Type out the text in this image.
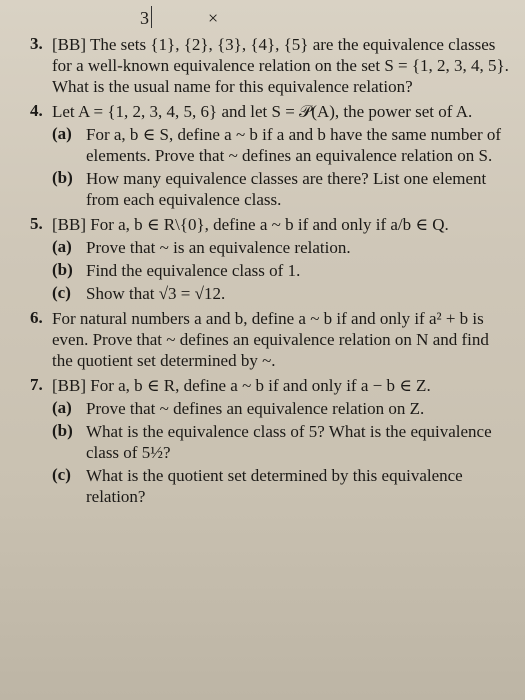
3	×
3. [BB] The sets {1}, {2}, {3}, {4}, {5} are the equivalence classes for a well-known equivalence relation on the set S = {1, 2, 3, 4, 5}. What is the usual name for this equivalence relation?
4. Let A = {1, 2, 3, 4, 5, 6} and let S = 𝒫(A), the power set of A.
(a) For a, b ∈ S, define a ~ b if a and b have the same number of elements. Prove that ~ defines an equivalence relation on S.
(b) How many equivalence classes are there? List one element from each equivalence class.
5. [BB] For a, b ∈ R\{0}, define a ~ b if and only if a/b ∈ Q.
(a) Prove that ~ is an equivalence relation.
(b) Find the equivalence class of 1.
(c) Show that √3 = √12.
6. For natural numbers a and b, define a ~ b if and only if a² + b is even. Prove that ~ defines an equivalence relation on N and find the quotient set determined by ~.
7. [BB] For a, b ∈ R, define a ~ b if and only if a − b ∈ Z.
(a) Prove that ~ defines an equivalence relation on Z.
(b) What is the equivalence class of 5? What is the equivalence class of 5½?
(c) What is the quotient set determined by this equivalence relation?
